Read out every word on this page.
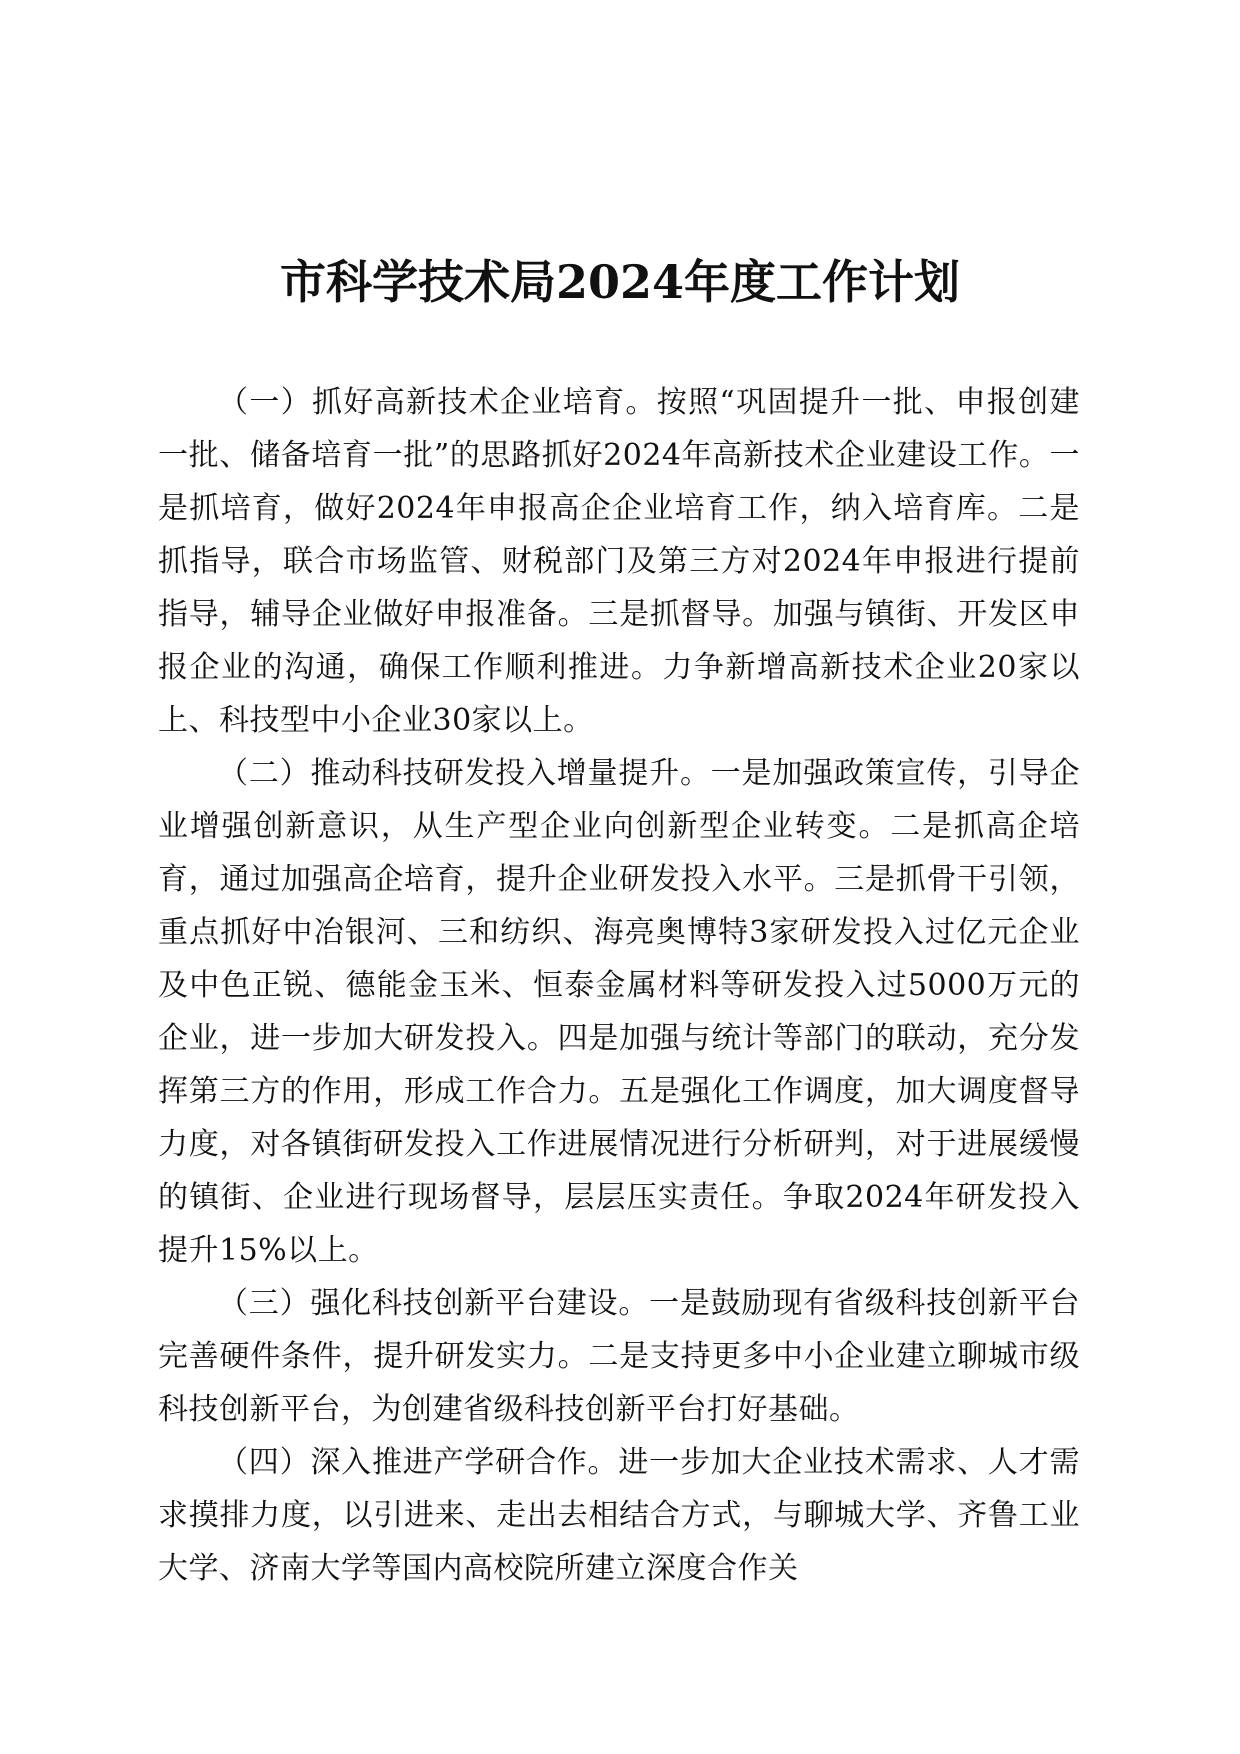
市科学技术局2024年度工作计划

（一）抓好高新技术企业培育。按照“巩固提升一批、申报创建一批、储备培育一批”的思路抓好2024年高新技术企业建设工作。一是抓培育，做好2024年申报高企企业培育工作，纳入培育库。二是抓指导，联合市场监管、财税部门及第三方对2024年申报进行提前指导，辅导企业做好申报准备。三是抓督导。加强与镇街、开发区申报企业的沟通，确保工作顺利推进。力争新增高新技术企业20家以上、科技型中小企业30家以上。

（二）推动科技研发投入增量提升。一是加强政策宣传，引导企业增强创新意识，从生产型企业向创新型企业转变。二是抓高企培育，通过加强高企培育，提升企业研发投入水平。三是抓骨干引领，重点抓好中冶银河、三和纺织、海亮奥博特3家研发投入过亿元企业及中色正锐、德能金玉米、恒泰金属材料等研发投入过5000万元的企业，进一步加大研发投入。四是加强与统计等部门的联动，充分发挥第三方的作用，形成工作合力。五是强化工作调度，加大调度督导力度，对各镇街研发投入工作进展情况进行分析研判，对于进展缓慢的镇街、企业进行现场督导，层层压实责任。争取2024年研发投入提升15%以上。

（三）强化科技创新平台建设。一是鼓励现有省级科技创新平台完善硬件条件，提升研发实力。二是支持更多中小企业建立聊城市级科技创新平台，为创建省级科技创新平台打好基础。

（四）深入推进产学研合作。进一步加大企业技术需求、人才需求摸排力度，以引进来、走出去相结合方式，与聊城大学、齐鲁工业大学、济南大学等国内高校院所建立深度合作关
